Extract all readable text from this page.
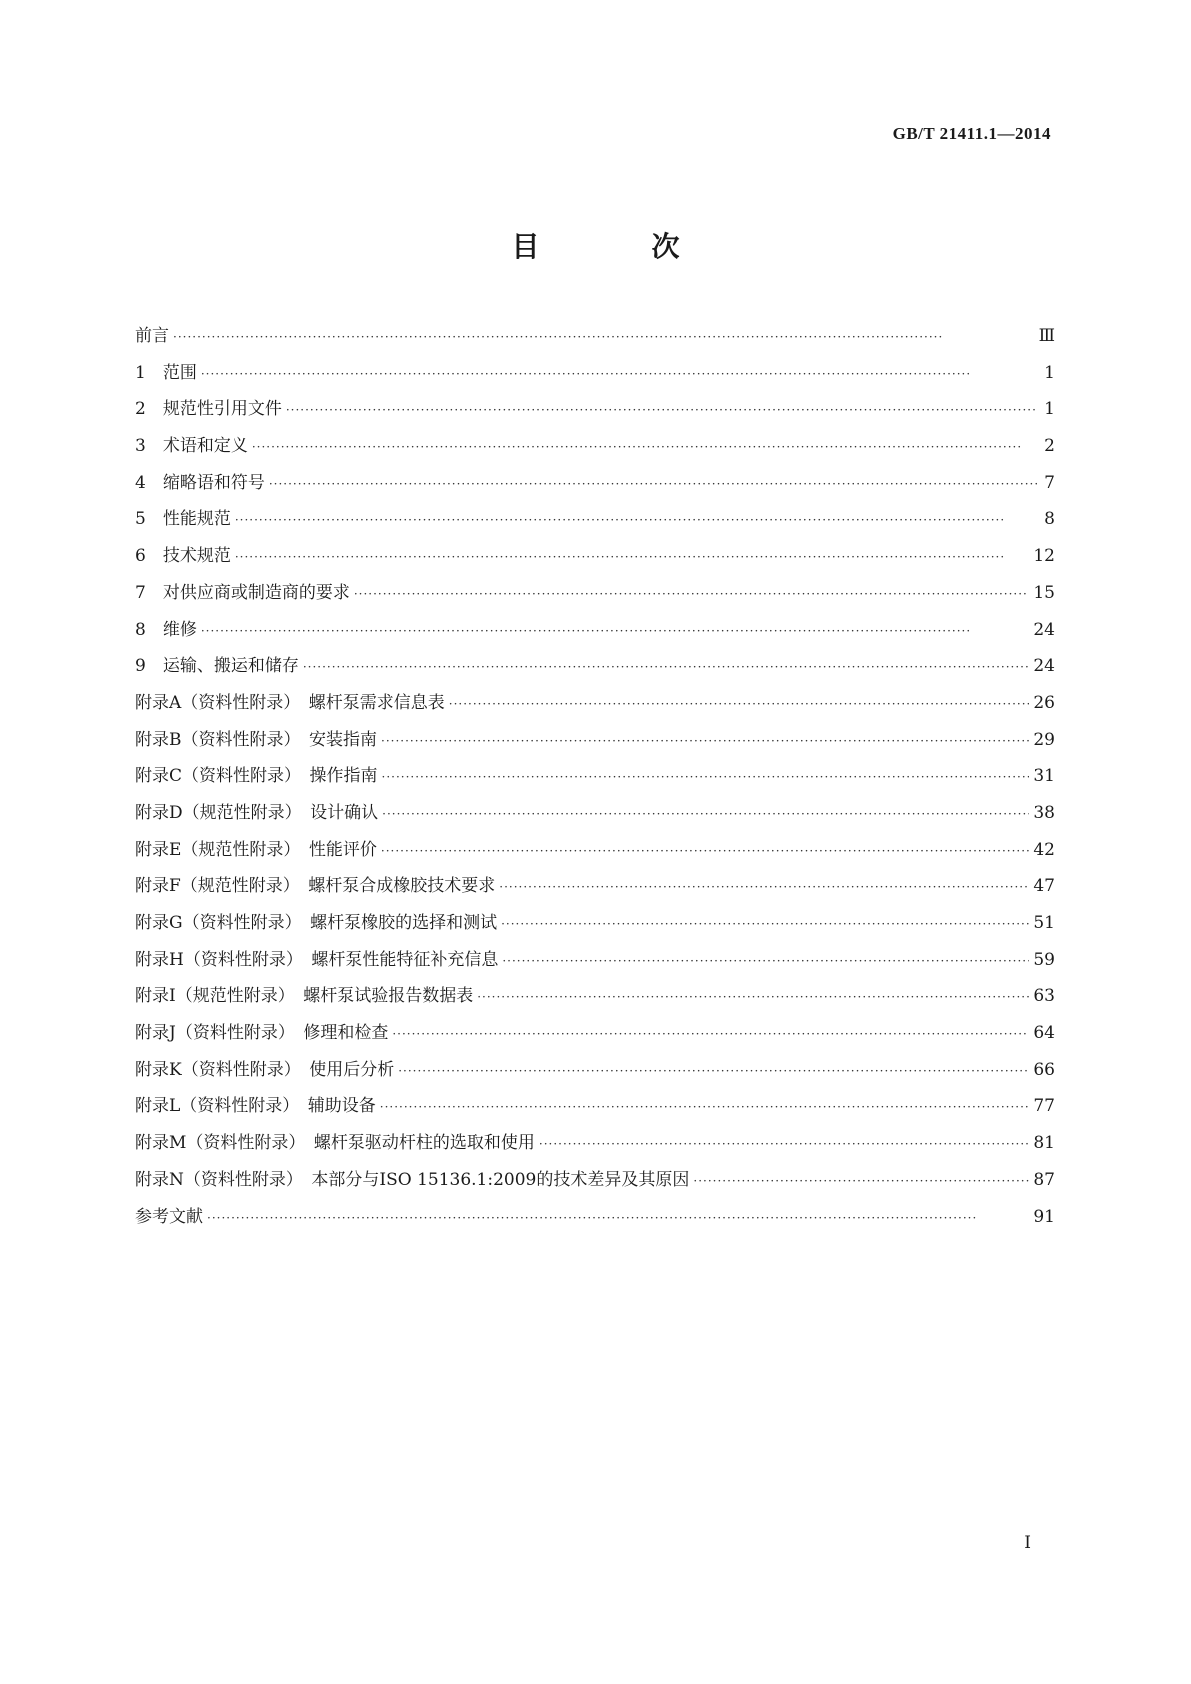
GB/T 21411.1—2014
目　次
前言 ·····	Ⅲ
1　范围 ·····	1
2　规范性引用文件 ·····	1
3　术语和定义 ·····	2
4　缩略语和符号 ·····	7
5　性能规范 ·····	8
6　技术规范 ·····	12
7　对供应商或制造商的要求 ·····	15
8　维修 ·····	24
9　运输、搬运和储存 ·····	24
附录A（资料性附录）　螺杆泵需求信息表 ·····	26
附录B（资料性附录）　安装指南 ·····	29
附录C（资料性附录）　操作指南 ·····	31
附录D（规范性附录）　设计确认 ·····	38
附录E（规范性附录）　性能评价 ·····	42
附录F（规范性附录）　螺杆泵合成橡胶技术要求 ·····	47
附录G（资料性附录）　螺杆泵橡胶的选择和测试 ·····	51
附录H（资料性附录）　螺杆泵性能特征补充信息 ·····	59
附录I（规范性附录）　螺杆泵试验报告数据表 ·····	63
附录J（资料性附录）　修理和检查 ·····	64
附录K（资料性附录）　使用后分析 ·····	66
附录L（资料性附录）　辅助设备 ·····	77
附录M（资料性附录）　螺杆泵驱动杆柱的选取和使用 ·····	81
附录N（资料性附录）　本部分与ISO 15136.1:2009的技术差异及其原因 ·····	87
参考文献 ·····	91
I
